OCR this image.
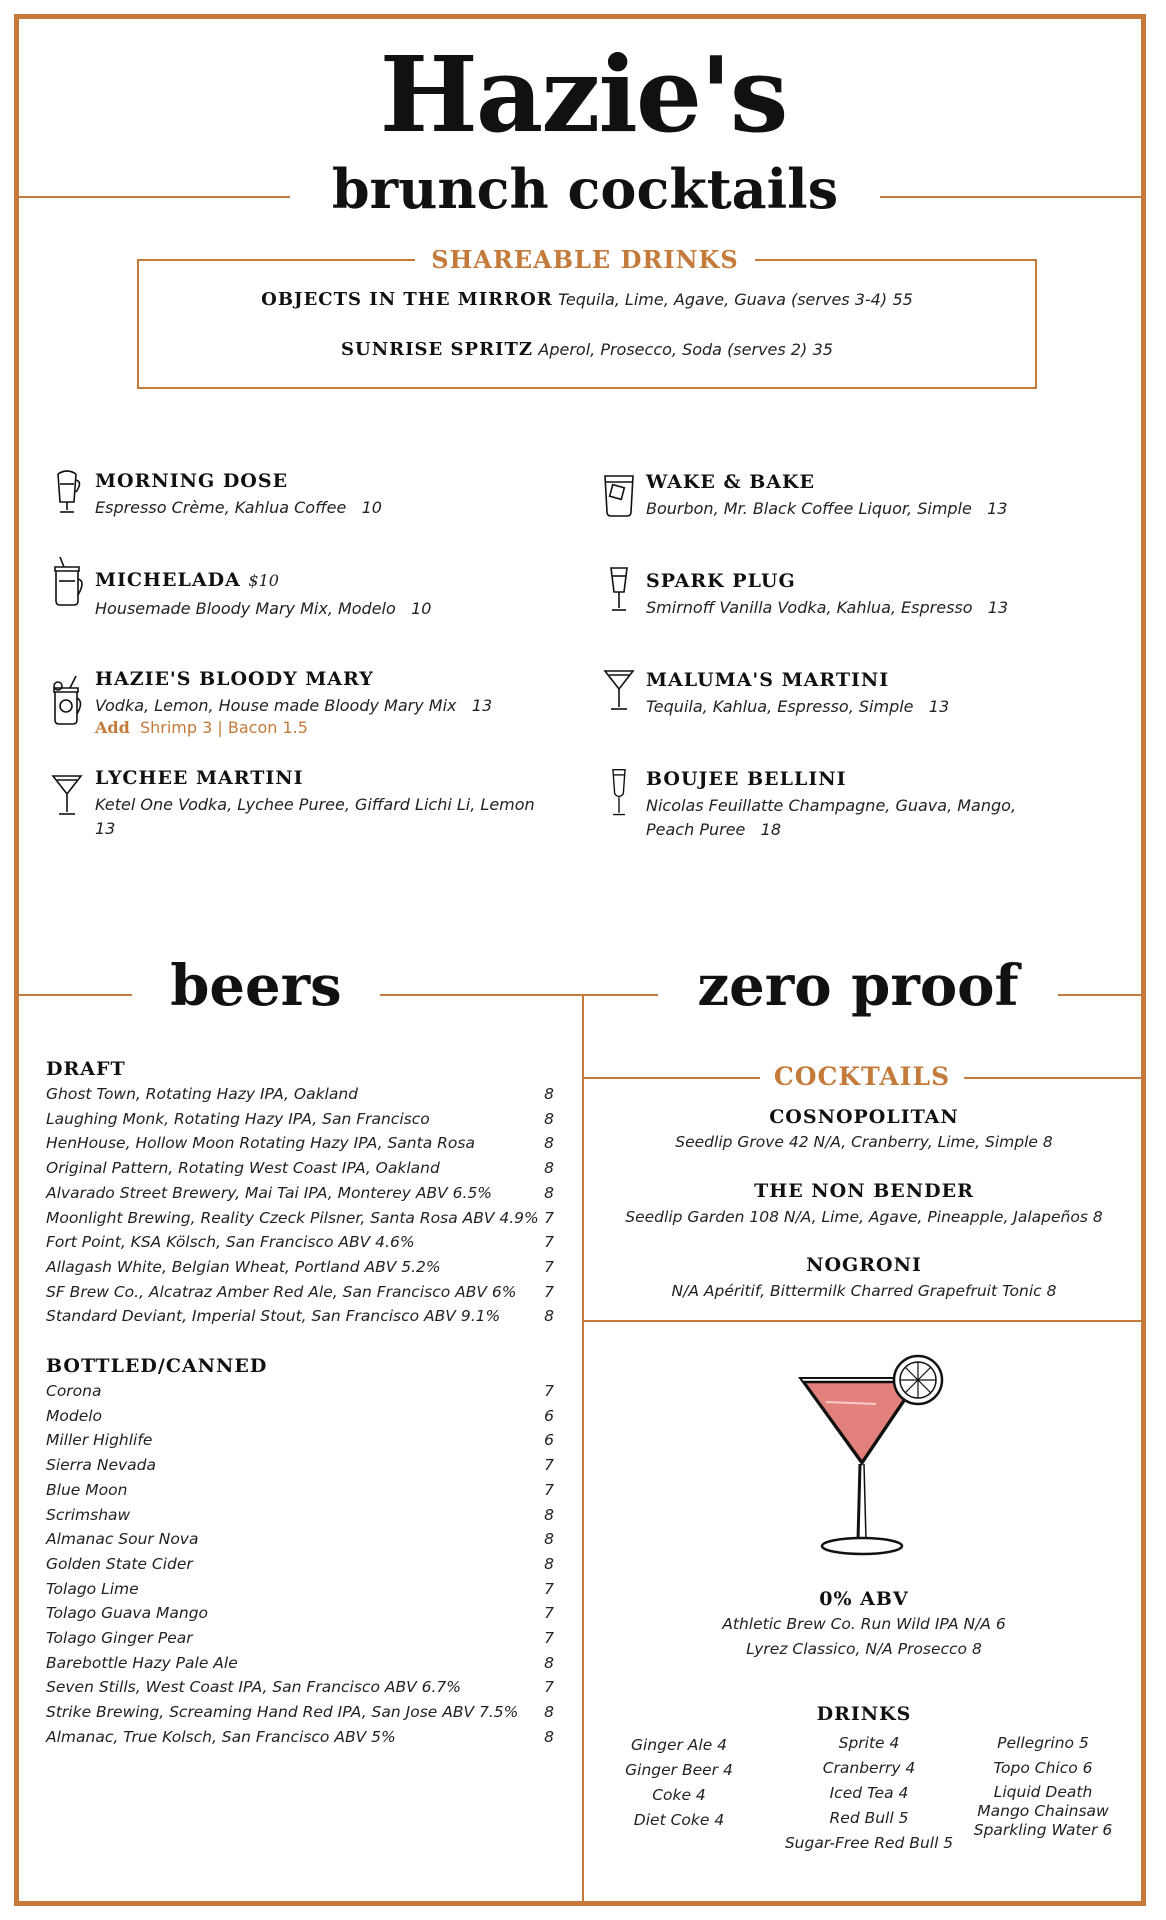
Hazie's
brunch cocktails
SHAREABLE DRINKS
OBJECTS IN THE MIRROR Tequila, Lime, Agave, Guava (serves 3-4) 55
SUNRISE SPRITZ Aperol, Prosecco, Soda (serves 2) 35
MORNING DOSE
Espresso Crème, Kahlua Coffee 10
MICHELADA $10
Housemade Bloody Mary Mix, Modelo 10
HAZIE'S BLOODY MARY
Vodka, Lemon, House made Bloody Mary Mix 13
Add Shrimp 3 | Bacon 1.5
LYCHEE MARTINI
Ketel One Vodka, Lychee Puree, Giffard Lichi Li, Lemon   13
WAKE & BAKE
Bourbon, Mr. Black Coffee Liquor, Simple 13
SPARK PLUG
Smirnoff Vanilla Vodka, Kahlua, Espresso 13
MALUMA'S MARTINI
Tequila, Kahlua, Espresso, Simple 13
BOUJEE BELLINI
Nicolas Feuillatte Champagne, Guava, Mango,
Peach Puree 18
beers	zero proof
DRAFT
Ghost Town, Rotating Hazy IPA, Oakland	8
Laughing Monk, Rotating Hazy IPA, San Francisco	8
HenHouse, Hollow Moon Rotating Hazy IPA, Santa Rosa	8
Original Pattern, Rotating West Coast IPA, Oakland	8
Alvarado Street Brewery, Mai Tai IPA, Monterey ABV 6.5%	8
Moonlight Brewing, Reality Czeck Pilsner, Santa Rosa ABV 4.9% 7
Fort Point, KSA Kölsch, San Francisco ABV 4.6%	7
Allagash White, Belgian Wheat, Portland ABV 5.2%	7
SF Brew Co., Alcatraz Amber Red Ale, San Francisco ABV 6% 7
Standard Deviant, Imperial Stout, San Francisco ABV 9.1%	8
BOTTLED/CANNED
Corona	7
Modelo	6
Miller Highlife	6
Sierra Nevada	7
Blue Moon	7
Scrimshaw	8
Almanac Sour Nova	8
Golden State Cider	8
Tolago Lime	7
Tolago Guava Mango	7
Tolago Ginger Pear	7
Barebottle Hazy Pale Ale	8
Seven Stills, West Coast IPA, San Francisco ABV 6.7%	7
Strike Brewing, Screaming Hand Red IPA, San Jose ABV 7.5% 8
Almanac, True Kolsch, San Francisco ABV 5%	8
COCKTAILS
COSNOPOLITAN
Seedlip Grove 42 N/A, Cranberry, Lime, Simple 8
THE NON BENDER
Seedlip Garden 108 N/A, Lime, Agave, Pineapple, Jalapeños 8
NOGRONI
N/A Apéritif, Bittermilk Charred Grapefruit Tonic 8
0% ABV
Athletic Brew Co. Run Wild IPA N/A 6
Lyrez Classico, N/A Prosecco 8
DRINKS
Ginger Ale 4
Ginger Beer 4
Coke 4
Diet Coke 4
Sprite 4
Cranberry 4
Iced Tea 4
Red Bull 5
Sugar-Free Red Bull 5
Pellegrino 5
Topo Chico 6
Liquid Death
Mango Chainsaw
Sparkling Water 6
